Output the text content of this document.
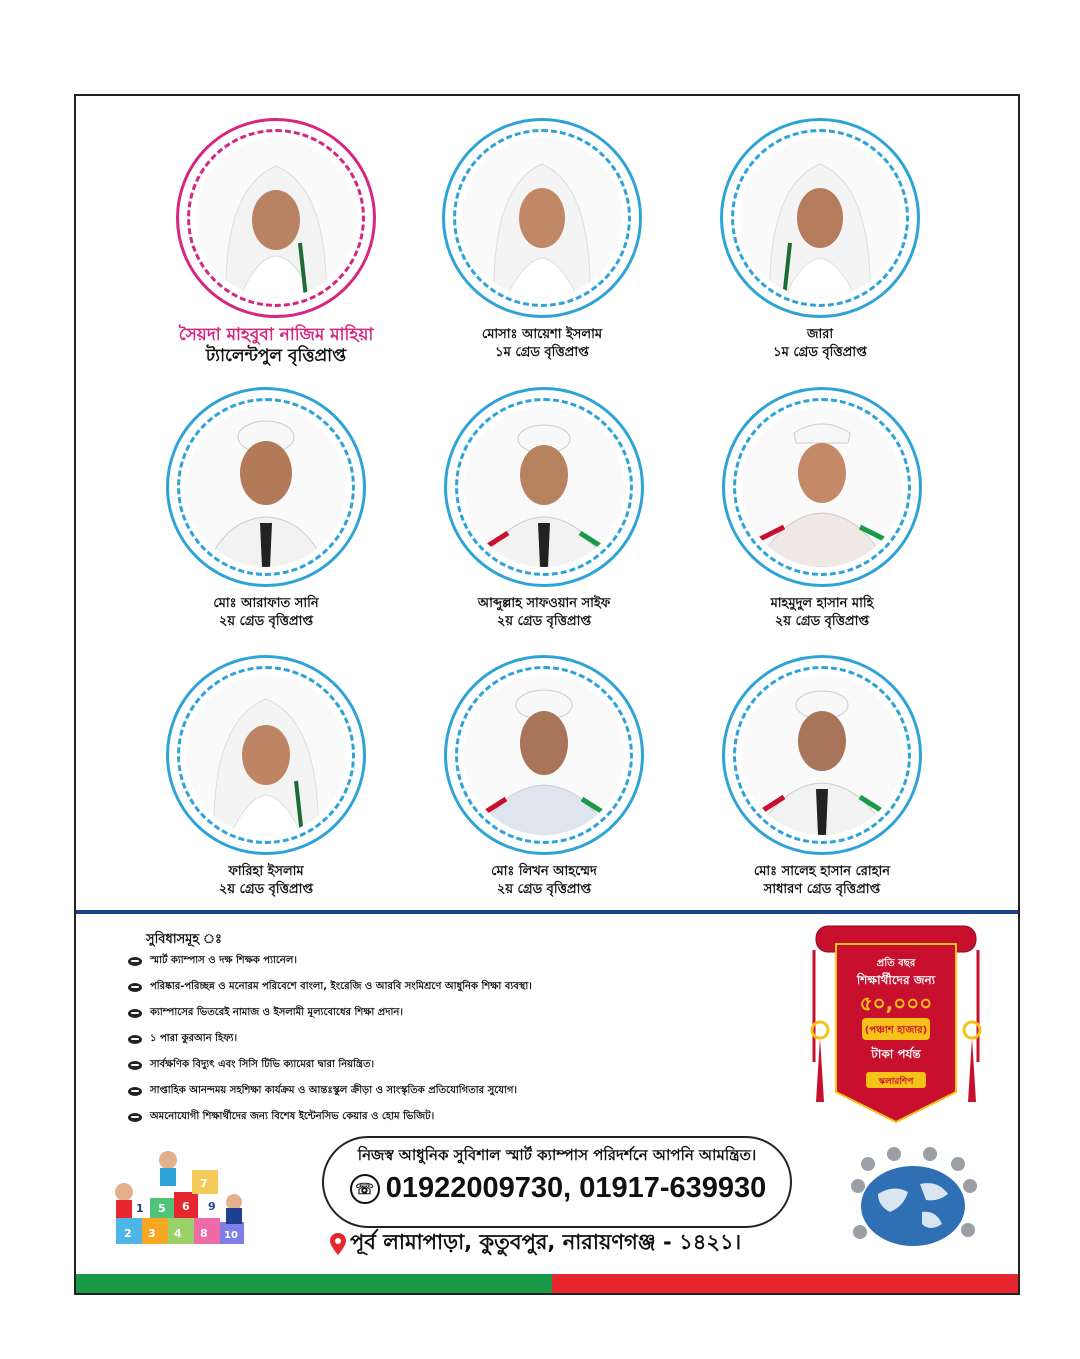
সৈয়দা মাহবুবা নাজিম মাহিয়া
ট্যালেন্টপুল বৃত্তিপ্রাপ্ত
মোসাঃ আয়েশা ইসলাম
১ম গ্রেড বৃত্তিপ্রাপ্ত
জারা
১ম গ্রেড বৃত্তিপ্রাপ্ত
মোঃ আরাফাত সানি
২য় গ্রেড বৃত্তিপ্রাপ্ত
আব্দুল্লাহ সাফওয়ান সাইফ
২য় গ্রেড বৃত্তিপ্রাপ্ত
মাহমুদুল হাসান মাহি
২য় গ্রেড বৃত্তিপ্রাপ্ত
ফারিহা ইসলাম
২য় গ্রেড বৃত্তিপ্রাপ্ত
মোঃ লিখন আহম্মেদ
২য় গ্রেড বৃত্তিপ্রাপ্ত
মোঃ সালেহ হাসান রোহান
সাধারণ গ্রেড বৃত্তিপ্রাপ্ত
সুবিধাসমূহ ঃ
স্মার্ট ক্যাম্পাস ও দক্ষ শিক্ষক প্যানেল।
পরিষ্কার-পরিচ্ছন্ন ও মনোরম পরিবেশে বাংলা, ইংরেজি ও আরবি সংমিশ্রণে আধুনিক শিক্ষা ব্যবস্থা।
ক্যাম্পাসের ভিতরেই নামাজ ও ইসলামী মূল্যবোধের শিক্ষা প্রদান।
১ পারা কুরআন হিফ্য।
সার্বক্ষণিক বিদ্যুৎ এবং সিসি টিভি ক্যামেরা দ্বারা নিয়ন্ত্রিত।
সাপ্তাহিক আনন্দময় সহশিক্ষা কার্যক্রম ও আন্তঃস্কুল ক্রীড়া ও সাংস্কৃতিক প্রতিযোগিতার সুযোগ।
অমনোযোগী শিক্ষার্থীদের জন্য বিশেষ ইন্টেনসিভ কেয়ার ও হোম ভিজিট।
প্রতি বছর
শিক্ষার্থীদের জন্য
৫০,০০০
(পঞ্চাশ হাজার)
টাকা পর্যন্ত
স্কলারশিপ
2 3 4 8 10
6
5
7
9
1
নিজস্ব আধুনিক সুবিশাল স্মার্ট ক্যাম্পাস পরিদর্শনে আপনি আমন্ত্রিত।
☏ 01922009730, 01917-639930
পূর্ব লামাপাড়া, কুতুবপুর, নারায়ণগঞ্জ - ১৪২১।
